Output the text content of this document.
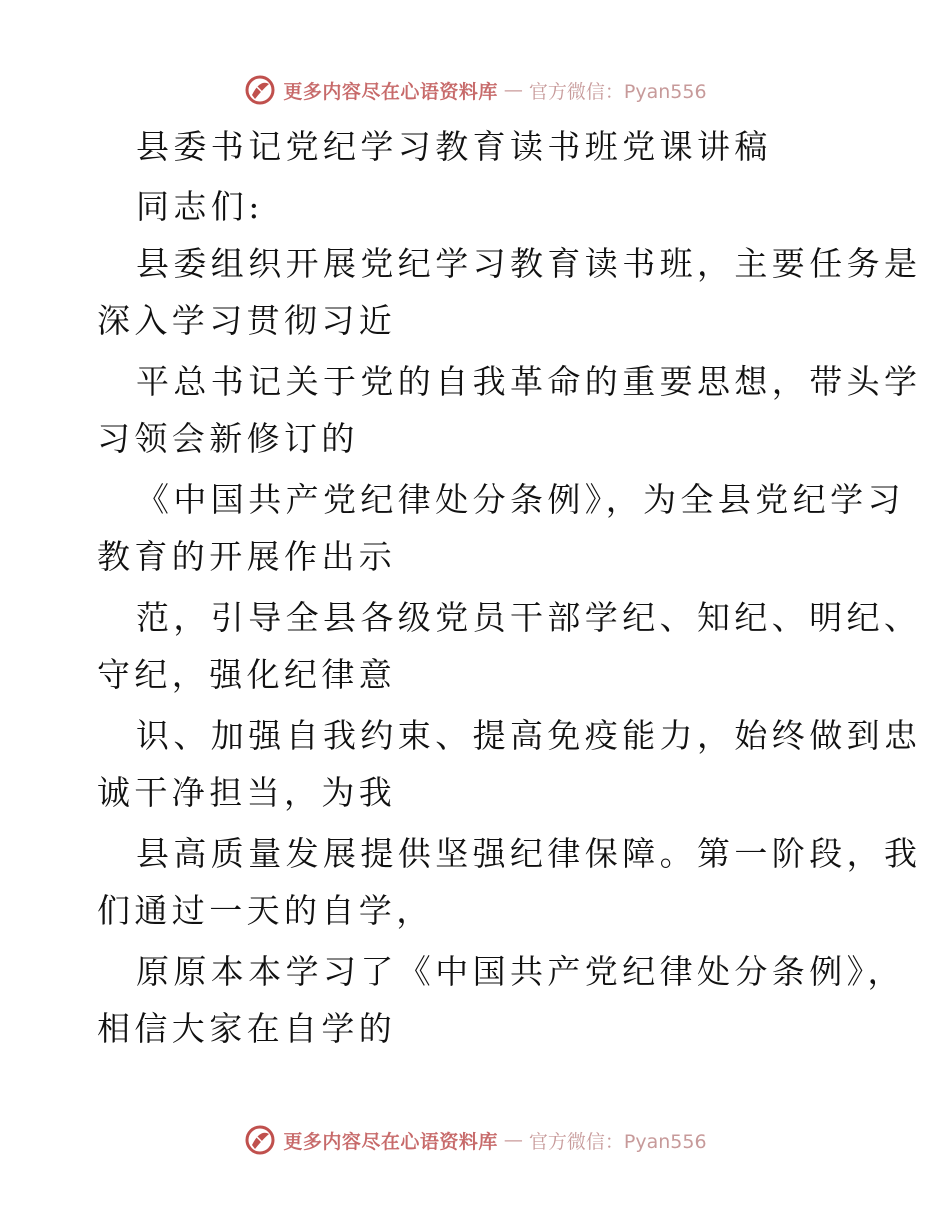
更多内容尽在心语资料库 — 官方微信：Pyan556
县委书记党纪学习教育读书班党课讲稿
同志们:
县委组织开展党纪学习教育读书班，主要任务是
深入学习贯彻习近
平总书记关于党的自我革命的重要思想，带头学
习领会新修订的
《中国共产党纪律处分条例》，为全县党纪学习
教育的开展作出示
范，引导全县各级党员干部学纪、知纪、明纪、
守纪，强化纪律意
识、加强自我约束、提高免疫能力，始终做到忠
诚干净担当，为我
县高质量发展提供坚强纪律保障。第一阶段，我
们通过一天的自学，
原原本本学习了《中国共产党纪律处分条例》，
相信大家在自学的
更多内容尽在心语资料库 — 官方微信：Pyan556
